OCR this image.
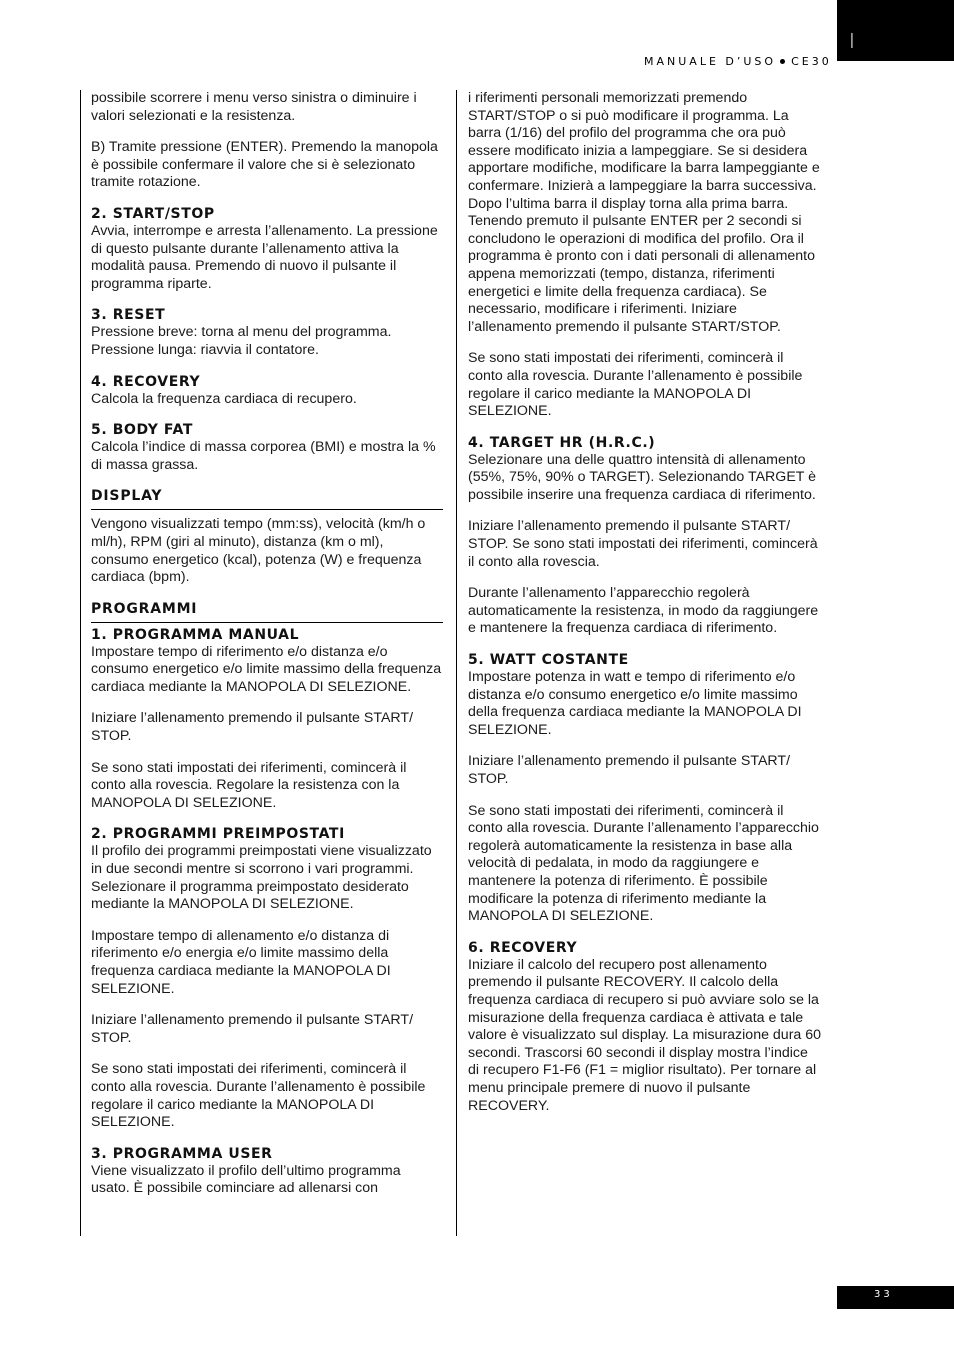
I
MANUALE D’USO CE30

possibile scorrere i menu verso sinistra o diminuire i valori selezionati e la resistenza.

B) Tramite pressione (ENTER). Premendo la manopola è possibile confermare il valore che si è selezionato tramite rotazione.

2. START/STOP

Avvia, interrompe e arresta l’allenamento. La pressione di questo pulsante durante l’allenamento attiva la modalità pausa. Premendo di nuovo il pulsante il programma riparte.

3. RESET

Pressione breve: torna al menu del programma. Pressione lunga: riavvia il contatore.

4. RECOVERY

Calcola la frequenza cardiaca di recupero.

5. BODY FAT

Calcola l’indice di massa corporea (BMI) e mostra la % di massa grassa.

DISPLAY

Vengono visualizzati tempo (mm:ss), velocità (km/h o ml/h), RPM (giri al minuto), distanza (km o ml), consumo energetico (kcal), potenza (W) e frequenza cardiaca (bpm).

PROGRAMMI
1. PROGRAMMA MANUAL

Impostare tempo di riferimento e/o distanza e/o consumo energetico e/o limite massimo della frequenza cardiaca mediante la MANOPOLA DI SELEZIONE.

Iniziare l’allenamento premendo il pulsante START/ STOP.

Se sono stati impostati dei riferimenti, comincerà il conto alla rovescia. Regolare la resistenza con la MANOPOLA DI SELEZIONE.

2. PROGRAMMI PREIMPOSTATI

Il profilo dei programmi preimpostati viene visualizzato in due secondi mentre si scorrono i vari programmi. Selezionare il programma preimpostato desiderato mediante la MANOPOLA DI SELEZIONE.

Impostare tempo di allenamento e/o distanza di riferimento e/o energia e/o limite massimo della frequenza cardiaca mediante la MANOPOLA DI SELEZIONE.

Iniziare l’allenamento premendo il pulsante START/ STOP.

Se sono stati impostati dei riferimenti, comincerà il conto alla rovescia. Durante l’allenamento è possibile regolare il carico mediante la MANOPOLA DI SELEZIONE.

3. PROGRAMMA USER

Viene visualizzato il profilo dell’ultimo programma usato. È possibile cominciare ad allenarsi con

i riferimenti personali memorizzati premendo START/STOP o si può modificare il programma. La barra (1/16) del profilo del programma che ora può essere modificato inizia a lampeggiare. Se si desidera apportare modifiche, modificare la barra lampeggiante e confermare. Inizierà a lampeggiare la barra successiva. Dopo l’ultima barra il display torna alla prima barra. Tenendo premuto il pulsante ENTER per 2 secondi si concludono le operazioni di modifica del profilo. Ora il programma è pronto con i dati personali di allenamento appena memorizzati (tempo, distanza, riferimenti energetici e limite della frequenza cardiaca). Se necessario, modificare i riferimenti. Iniziare l’allenamento premendo il pulsante START/STOP.

Se sono stati impostati dei riferimenti, comincerà il conto alla rovescia. Durante l’allenamento è possibile regolare il carico mediante la MANOPOLA DI SELEZIONE.

4. TARGET HR (H.R.C.)

Selezionare una delle quattro intensità di allenamento (55%, 75%, 90% o TARGET). Selezionando TARGET è possibile inserire una frequenza cardiaca di riferimento.

Iniziare l’allenamento premendo il pulsante START/ STOP. Se sono stati impostati dei riferimenti, comincerà il conto alla rovescia.

Durante l’allenamento l’apparecchio regolerà automaticamente la resistenza, in modo da raggiungere e mantenere la frequenza cardiaca di riferimento.

5. WATT COSTANTE

Impostare potenza in watt e tempo di riferimento e/o distanza e/o consumo energetico e/o limite massimo della frequenza cardiaca mediante la MANOPOLA DI SELEZIONE.

Iniziare l’allenamento premendo il pulsante START/ STOP.

Se sono stati impostati dei riferimenti, comincerà il conto alla rovescia. Durante l’allenamento l’apparecchio regolerà automaticamente la resistenza in base alla velocità di pedalata, in modo da raggiungere e mantenere la potenza di riferimento. È possibile modificare la potenza di riferimento mediante la MANOPOLA DI SELEZIONE.

6. RECOVERY

Iniziare il calcolo del recupero post allenamento premendo il pulsante RECOVERY. Il calcolo della frequenza cardiaca di recupero si può avviare solo se la misurazione della frequenza cardiaca è attivata e tale valore è visualizzato sul display. La misurazione dura 60 secondi. Trascorsi 60 secondi il display mostra l’indice di recupero F1-F6 (F1 = miglior risultato). Per tornare al menu principale premere di nuovo il pulsante RECOVERY.

33
